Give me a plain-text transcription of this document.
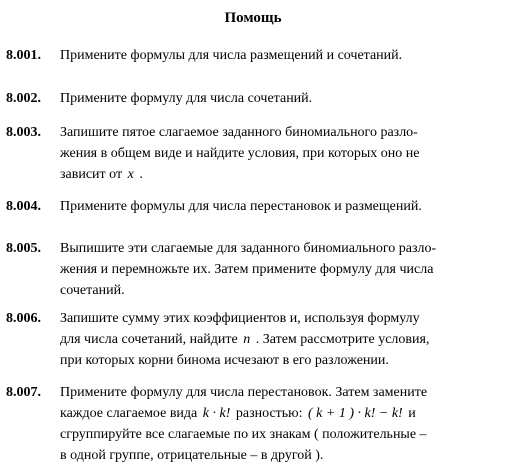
Помощь
8.001.	Примените формулы для числа размещений и сочетаний.
8.002.	Примените формулу для числа сочетаний.
8.003.	Запишите пятое слагаемое заданного биномиального разло-
жения в общем виде и найдите условия, при которых оно не
зависит от x .
8.004.	Примените формулы для числа перестановок и размещений.
8.005.	Выпишите эти слагаемые для заданного биномиального разло-
жения и перемножьте их. Затем примените формулу для числа
сочетаний.
8.006.	Запишите сумму этих коэффициентов и, используя формулу
для числа сочетаний, найдите n . Затем рассмотрите условия,
при которых корни бинома исчезают в его разложении.
8.007.	Примените формулу для числа перестановок. Затем замените
каждое слагаемое вида k · k! разностью: ( k + 1 ) · k! − k! и
сгруппируйте все слагаемые по их знакам ( положительные –
в одной группе, отрицательные – в другой ).
